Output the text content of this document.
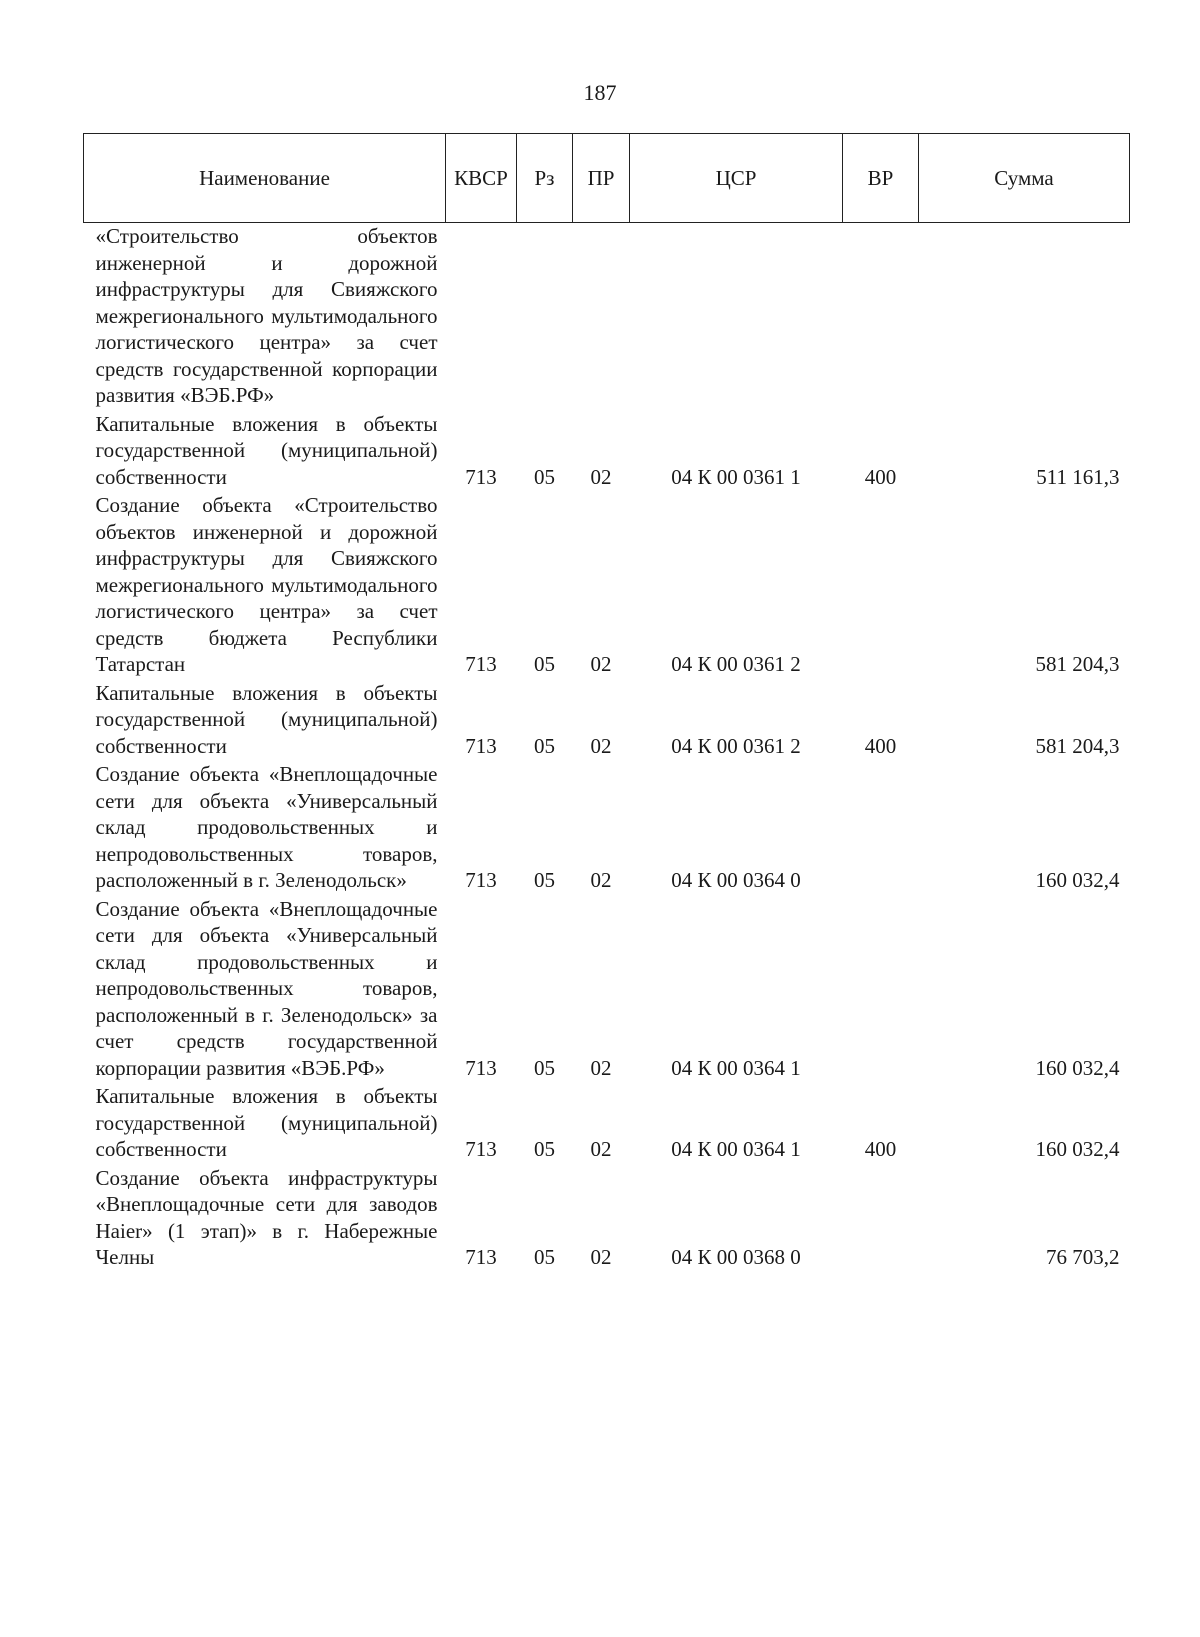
187
Наименование	КВСР	Рз	ПР	ЦСР	ВР	Сумма
«Строительство объектов инженерной и дорожной инфраструктуры для Свияжского межрегионального мультимодального логистического центра» за счет средств государственной корпорации развития «ВЭБ.РФ»						
Капитальные вложения в объекты государственной (муниципальной) собственности	713	05	02	04 К 00 0361 1	400	511 161,3
Создание объекта «Строительство объектов инженерной и дорожной инфраструктуры для Свияжского межрегионального мультимодального логистического центра» за счет средств бюджета Республики Татарстан	713	05	02	04 К 00 0361 2		581 204,3
Капитальные вложения в объекты государственной (муниципальной) собственности	713	05	02	04 К 00 0361 2	400	581 204,3
Создание объекта «Внеплощадочные сети для объекта «Универсальный склад продовольственных и непродовольственных товаров, расположенный в г. Зеленодольск»	713	05	02	04 К 00 0364 0		160 032,4
Создание объекта «Внеплощадочные сети для объекта «Универсальный склад продовольственных и непродовольственных товаров, расположенный в г. Зеленодольск» за счет средств государственной корпорации развития «ВЭБ.РФ»	713	05	02	04 К 00 0364 1		160 032,4
Капитальные вложения в объекты государственной (муниципальной) собственности	713	05	02	04 К 00 0364 1	400	160 032,4
Создание объекта инфраструктуры «Внеплощадочные сети для заводов Haier» (1 этап)» в г. Набережные Челны	713	05	02	04 К 00 0368 0		76 703,2
